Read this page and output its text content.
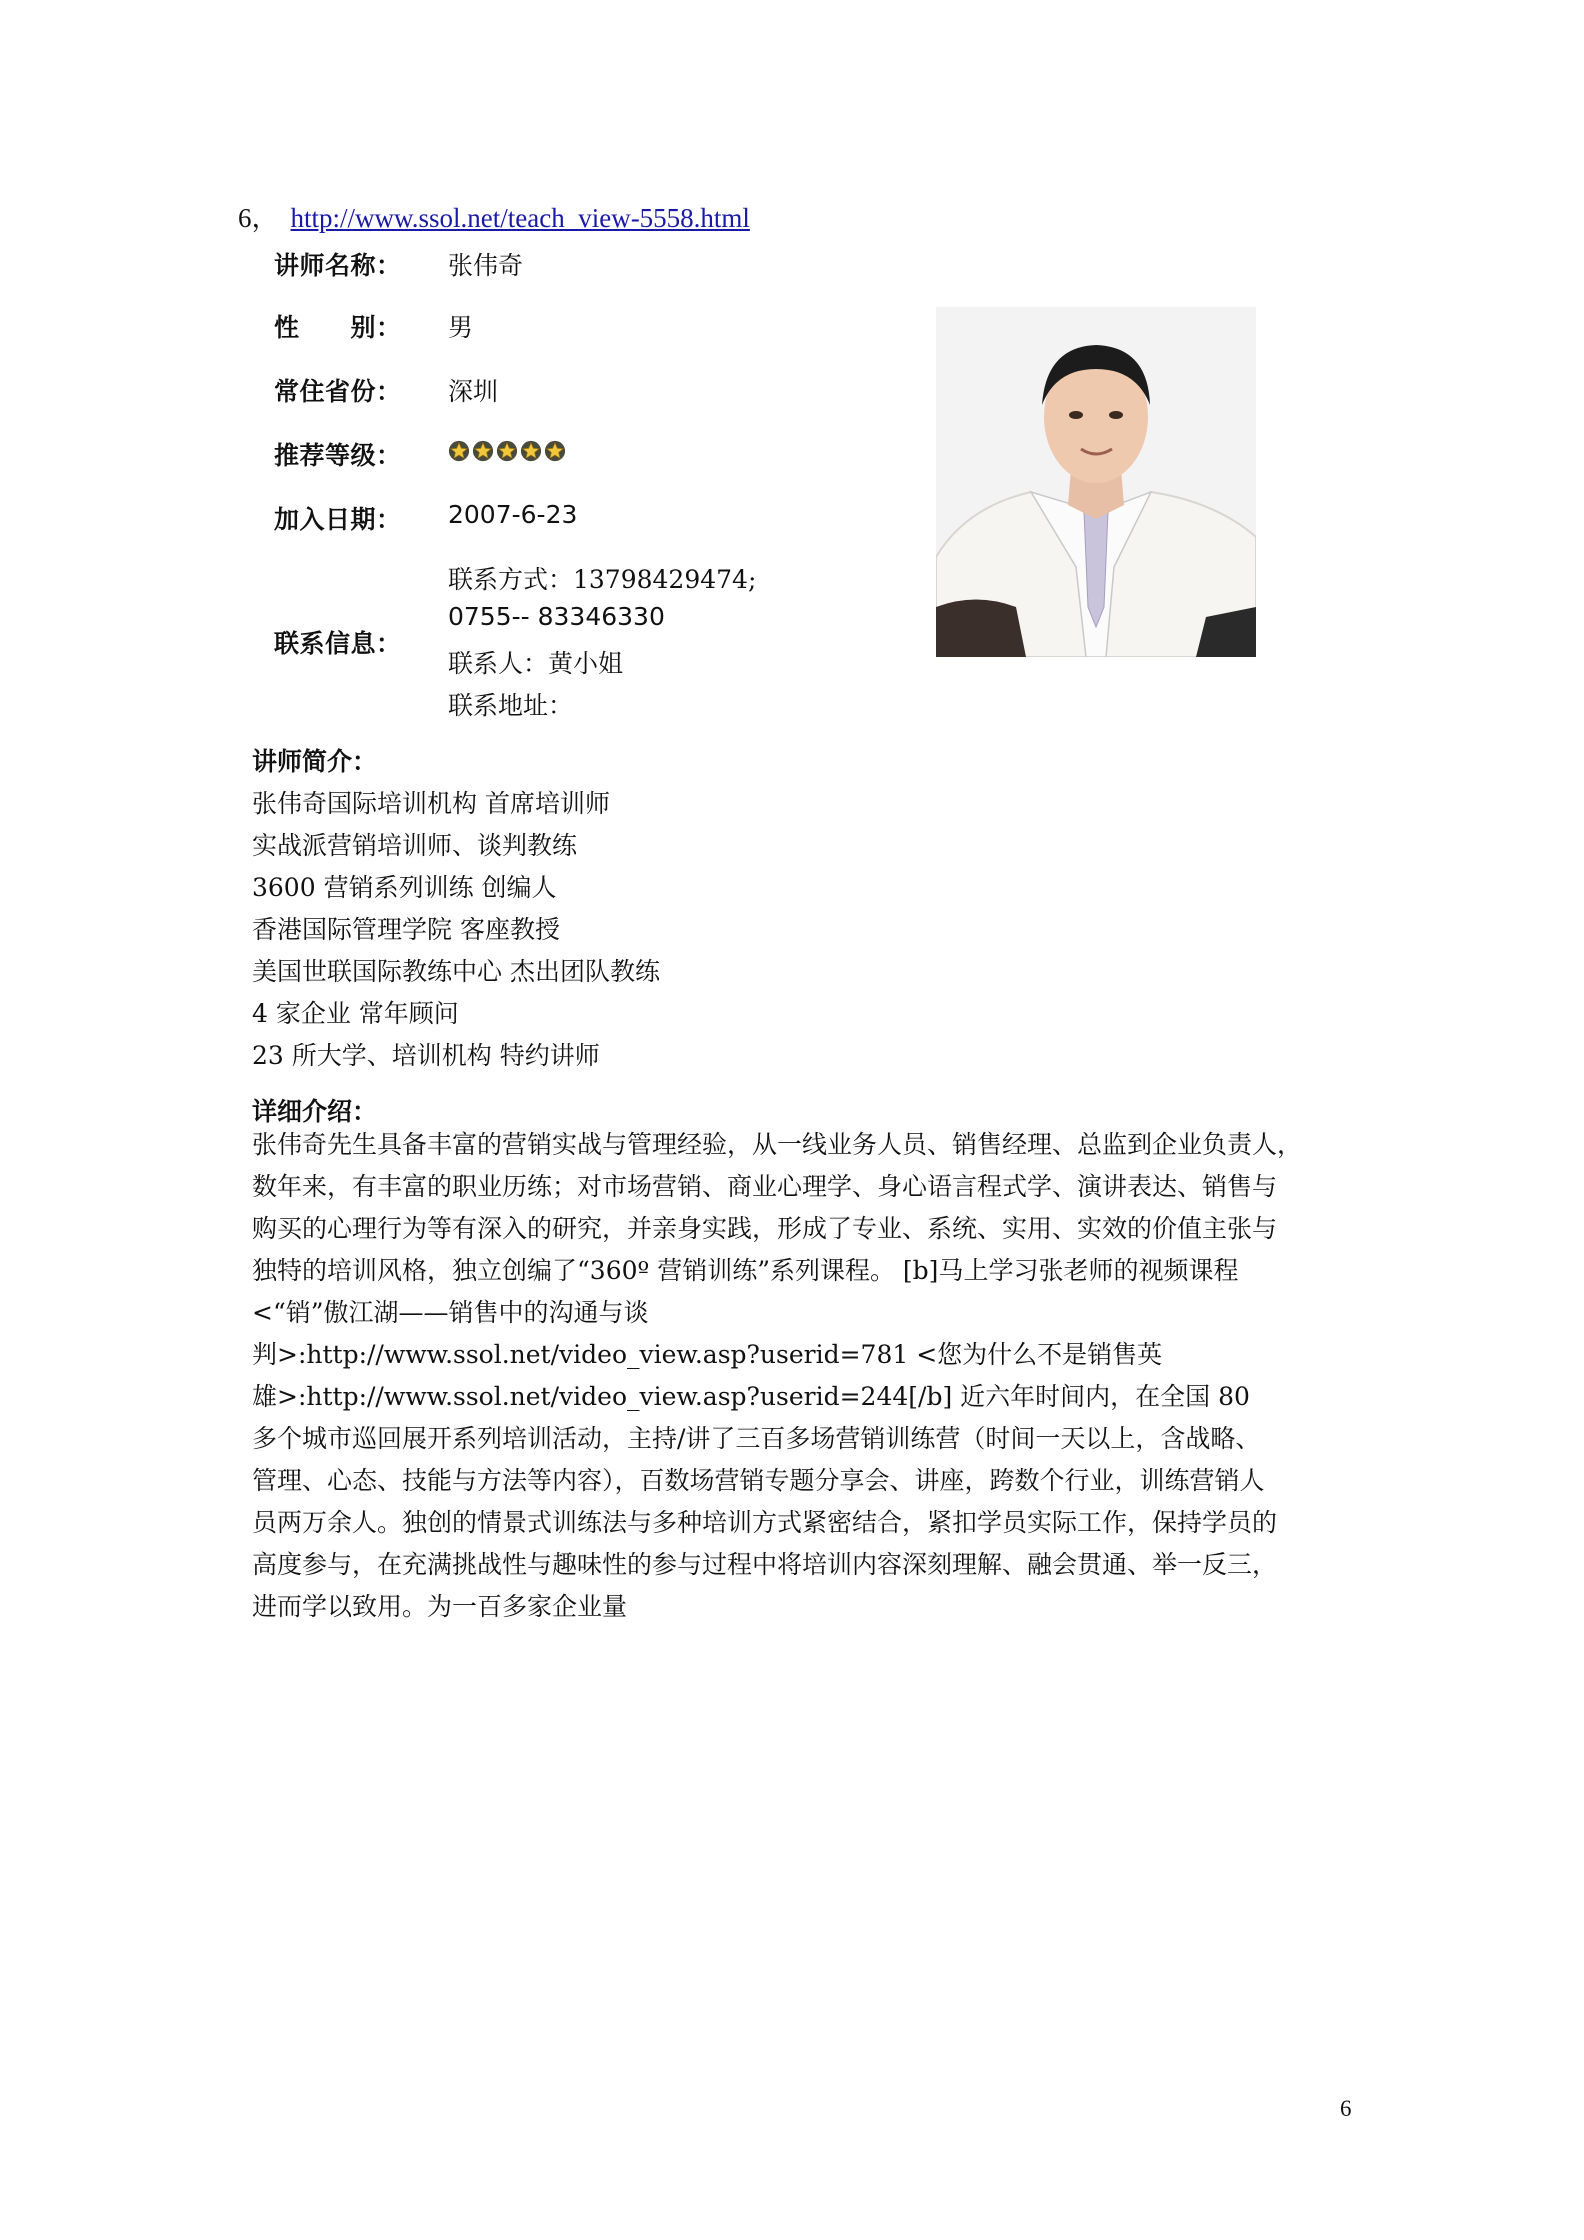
6， http://www.ssol.net/teach_view-5558.html
讲师名称： 张伟奇
性　　别： 男
常住省份： 深圳
推荐等级：
加入日期： 2007-6-23
联系信息：
联系方式：13798429474;
0755-- 83346330
联系人：黄小姐
联系地址：
讲师简介：
张伟奇国际培训机构 首席培训师
实战派营销培训师、谈判教练
3600 营销系列训练 创编人
香港国际管理学院 客座教授
美国世联国际教练中心 杰出团队教练
4 家企业 常年顾问
23 所大学、培训机构 特约讲师
详细介绍：
张伟奇先生具备丰富的营销实战与管理经验，从一线业务人员、销售经理、总监到企业负责人，
数年来，有丰富的职业历练；对市场营销、商业心理学、身心语言程式学、演讲表达、销售与
购买的心理行为等有深入的研究，并亲身实践，形成了专业、系统、实用、实效的价值主张与
独特的培训风格，独立创编了“360º 营销训练”系列课程。 [b]马上学习张老师的视频课程
<“销”傲江湖——销售中的沟通与谈
判>:http://www.ssol.net/video_view.asp?userid=781 <您为什么不是销售英
雄>:http://www.ssol.net/video_view.asp?userid=244[/b] 近六年时间内，在全国 80
多个城市巡回展开系列培训活动，主持/讲了三百多场营销训练营（时间一天以上，含战略、
管理、心态、技能与方法等内容），百数场营销专题分享会、讲座，跨数个行业，训练营销人
员两万余人。独创的情景式训练法与多种培训方式紧密结合，紧扣学员实际工作，保持学员的
高度参与，在充满挑战性与趣味性的参与过程中将培训内容深刻理解、融会贯通、举一反三，
进而学以致用。为一百多家企业量
6
